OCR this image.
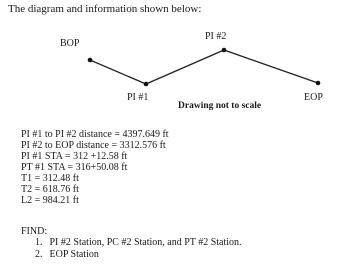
The diagram and information shown below:
BOP
PI #2
PI #1	EOP
Drawing not to scale
PI #1 to PI #2 distance = 4397.649 ft
PI #2 to EOP distance = 3312.576 ft
PI #1 STA = 312 +12.58 ft
PT #1 STA = 316+50.08 ft
T1 = 312.48 ft
T2 = 618.76 ft
L2 = 984.21 ft
FIND:
1. PI #2 Station, PC #2 Station, and PT #2 Station.
2. EOP Station
